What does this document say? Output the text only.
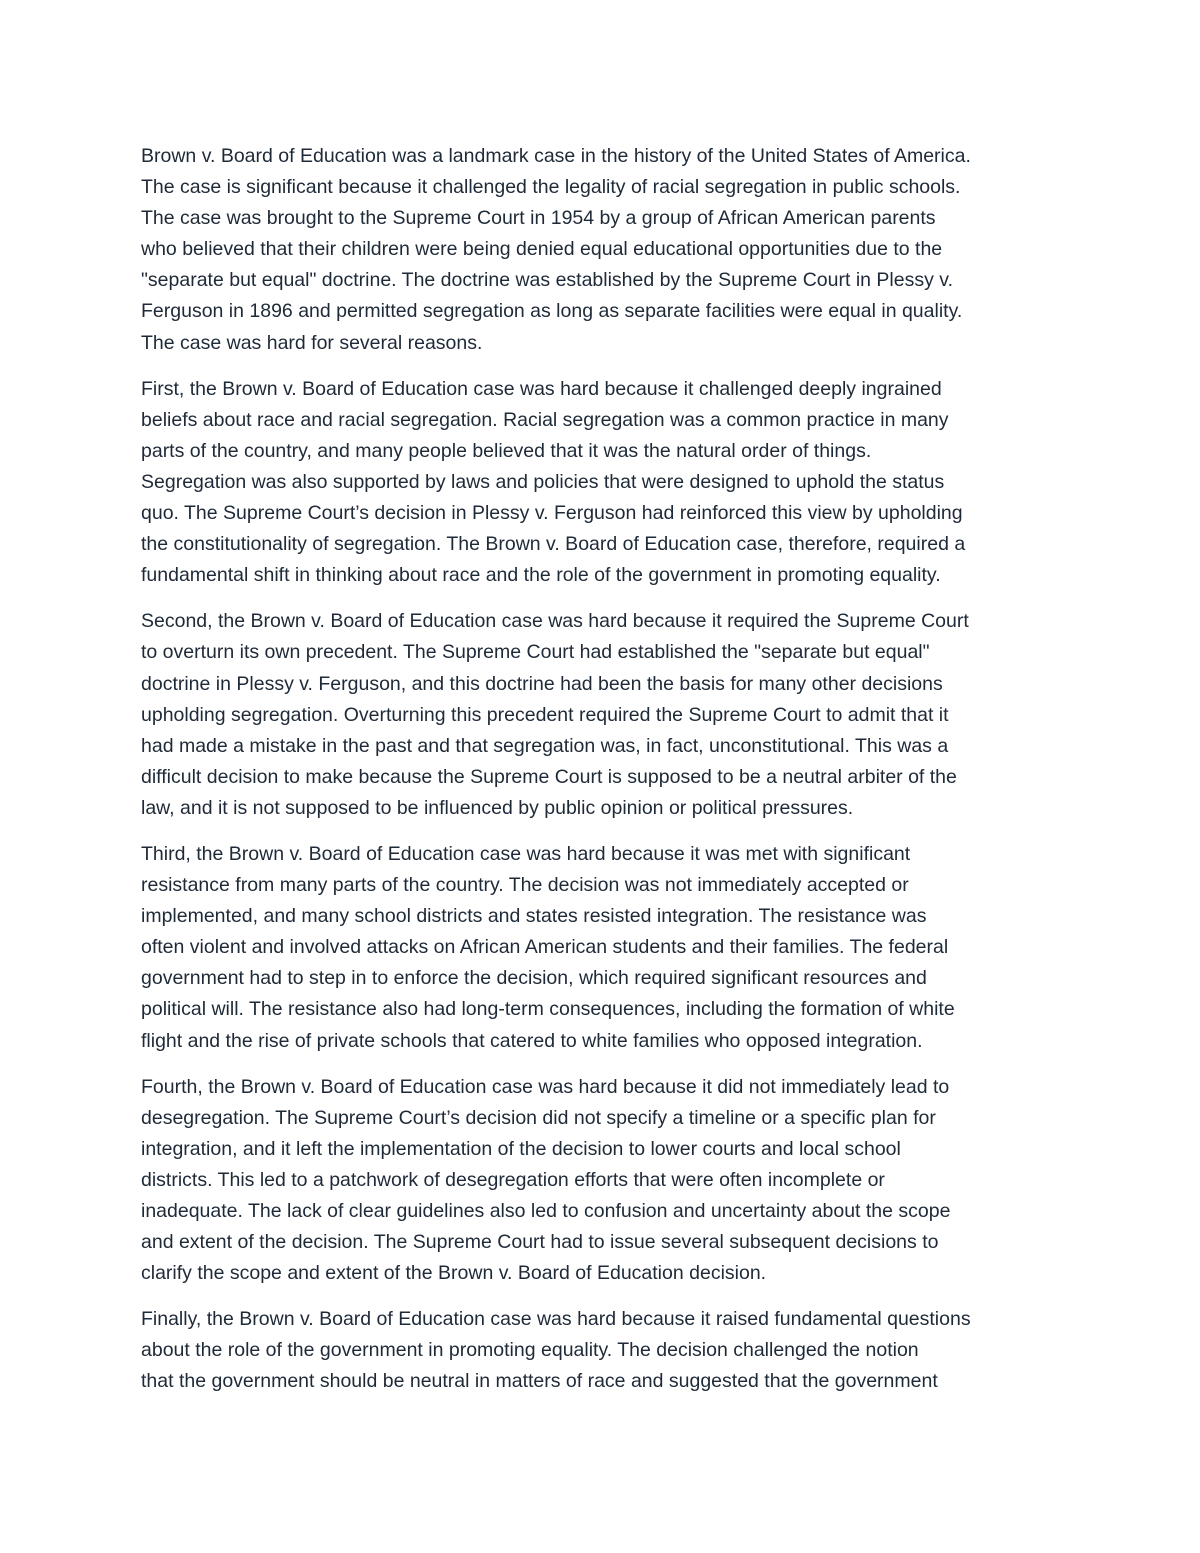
Brown v. Board of Education was a landmark case in the history of the United States of America.
The case is significant because it challenged the legality of racial segregation in public schools.
The case was brought to the Supreme Court in 1954 by a group of African American parents
who believed that their children were being denied equal educational opportunities due to the
"separate but equal" doctrine. The doctrine was established by the Supreme Court in Plessy v.
Ferguson in 1896 and permitted segregation as long as separate facilities were equal in quality.
The case was hard for several reasons.

First, the Brown v. Board of Education case was hard because it challenged deeply ingrained
beliefs about race and racial segregation. Racial segregation was a common practice in many
parts of the country, and many people believed that it was the natural order of things.
Segregation was also supported by laws and policies that were designed to uphold the status
quo. The Supreme Court’s decision in Plessy v. Ferguson had reinforced this view by upholding
the constitutionality of segregation. The Brown v. Board of Education case, therefore, required a
fundamental shift in thinking about race and the role of the government in promoting equality.

Second, the Brown v. Board of Education case was hard because it required the Supreme Court
to overturn its own precedent. The Supreme Court had established the "separate but equal"
doctrine in Plessy v. Ferguson, and this doctrine had been the basis for many other decisions
upholding segregation. Overturning this precedent required the Supreme Court to admit that it
had made a mistake in the past and that segregation was, in fact, unconstitutional. This was a
difficult decision to make because the Supreme Court is supposed to be a neutral arbiter of the
law, and it is not supposed to be influenced by public opinion or political pressures.

Third, the Brown v. Board of Education case was hard because it was met with significant
resistance from many parts of the country. The decision was not immediately accepted or
implemented, and many school districts and states resisted integration. The resistance was
often violent and involved attacks on African American students and their families. The federal
government had to step in to enforce the decision, which required significant resources and
political will. The resistance also had long-term consequences, including the formation of white
flight and the rise of private schools that catered to white families who opposed integration.

Fourth, the Brown v. Board of Education case was hard because it did not immediately lead to
desegregation. The Supreme Court’s decision did not specify a timeline or a specific plan for
integration, and it left the implementation of the decision to lower courts and local school
districts. This led to a patchwork of desegregation efforts that were often incomplete or
inadequate. The lack of clear guidelines also led to confusion and uncertainty about the scope
and extent of the decision. The Supreme Court had to issue several subsequent decisions to
clarify the scope and extent of the Brown v. Board of Education decision.

Finally, the Brown v. Board of Education case was hard because it raised fundamental questions
about the role of the government in promoting equality. The decision challenged the notion
that the government should be neutral in matters of race and suggested that the government
